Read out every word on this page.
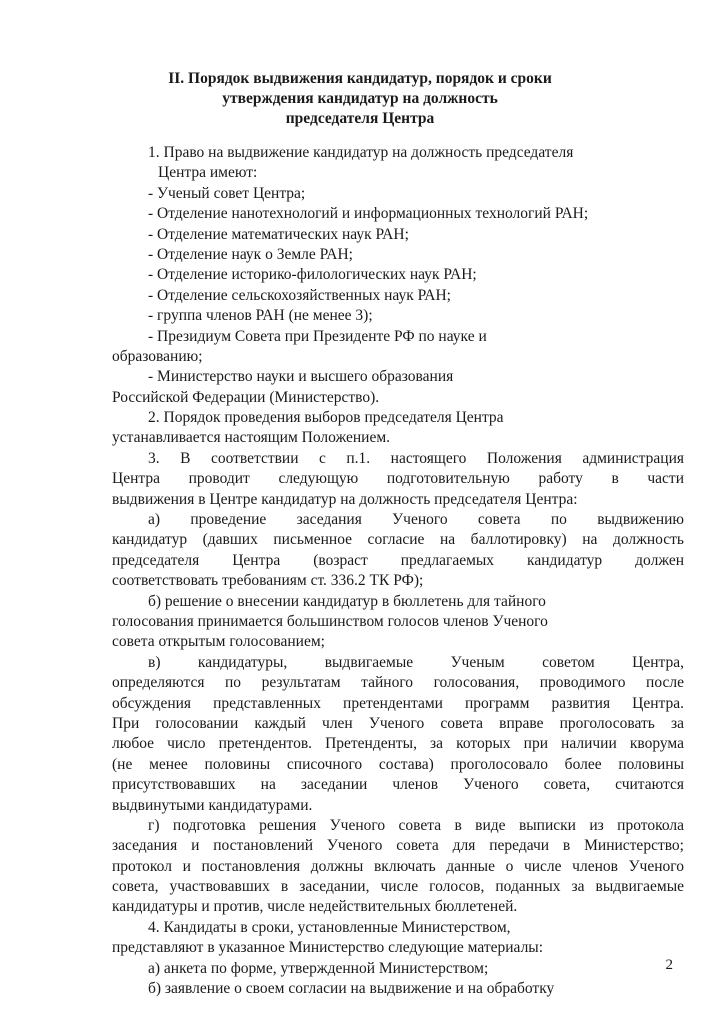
II. Порядок выдвижения кандидатур, порядок и сроки
утверждения кандидатур на должность
председателя Центра
1. Право на выдвижение кандидатур на должность председателя
Центра имеют:
- Ученый совет Центра;
- Отделение нанотехнологий и информационных технологий РАН;
- Отделение математических наук РАН;
- Отделение наук о Земле РАН;
- Отделение историко-филологических наук РАН;
- Отделение сельскохозяйственных наук РАН;
- группа членов РАН (не менее 3);
- Президиум Совета при Президенте РФ по науке и
образованию;
- Министерство науки и высшего образования
Российской Федерации (Министерство).
2. Порядок проведения выборов председателя Центра
устанавливается настоящим Положением.
3. В соответствии с п.1. настоящего Положения администрация
Центра проводит следующую подготовительную работу в части
выдвижения в Центре кандидатур на должность председателя Центра:
а) проведение заседания Ученого совета по выдвижению
кандидатур (давших письменное согласие на баллотировку) на должность
председателя Центра (возраст предлагаемых кандидатур должен
соответствовать требованиям ст. 336.2 ТК РФ);
б) решение о внесении кандидатур в бюллетень для тайного
голосования принимается большинством голосов членов Ученого
совета открытым голосованием;
в) кандидатуры, выдвигаемые Ученым советом Центра,
определяются по результатам тайного голосования, проводимого после
обсуждения представленных претендентами программ развития Центра.
При голосовании каждый член Ученого совета вправе проголосовать за
любое число претендентов. Претенденты, за которых при наличии кворума
(не менее половины списочного состава) проголосовало более половины
присутствовавших на заседании членов Ученого совета, считаются
выдвинутыми кандидатурами.
г) подготовка решения Ученого совета в виде выписки из протокола
заседания и постановлений Ученого совета для передачи в Министерство;
протокол и постановления должны включать данные о числе членов Ученого
совета, участвовавших в заседании, числе голосов, поданных за выдвигаемые
кандидатуры и против, числе недействительных бюллетеней.
4. Кандидаты в сроки, установленные Министерством,
представляют в указанное Министерство следующие материалы:
а) анкета по форме, утвержденной Министерством;
б) заявление о своем согласии на выдвижение и на обработку
2
